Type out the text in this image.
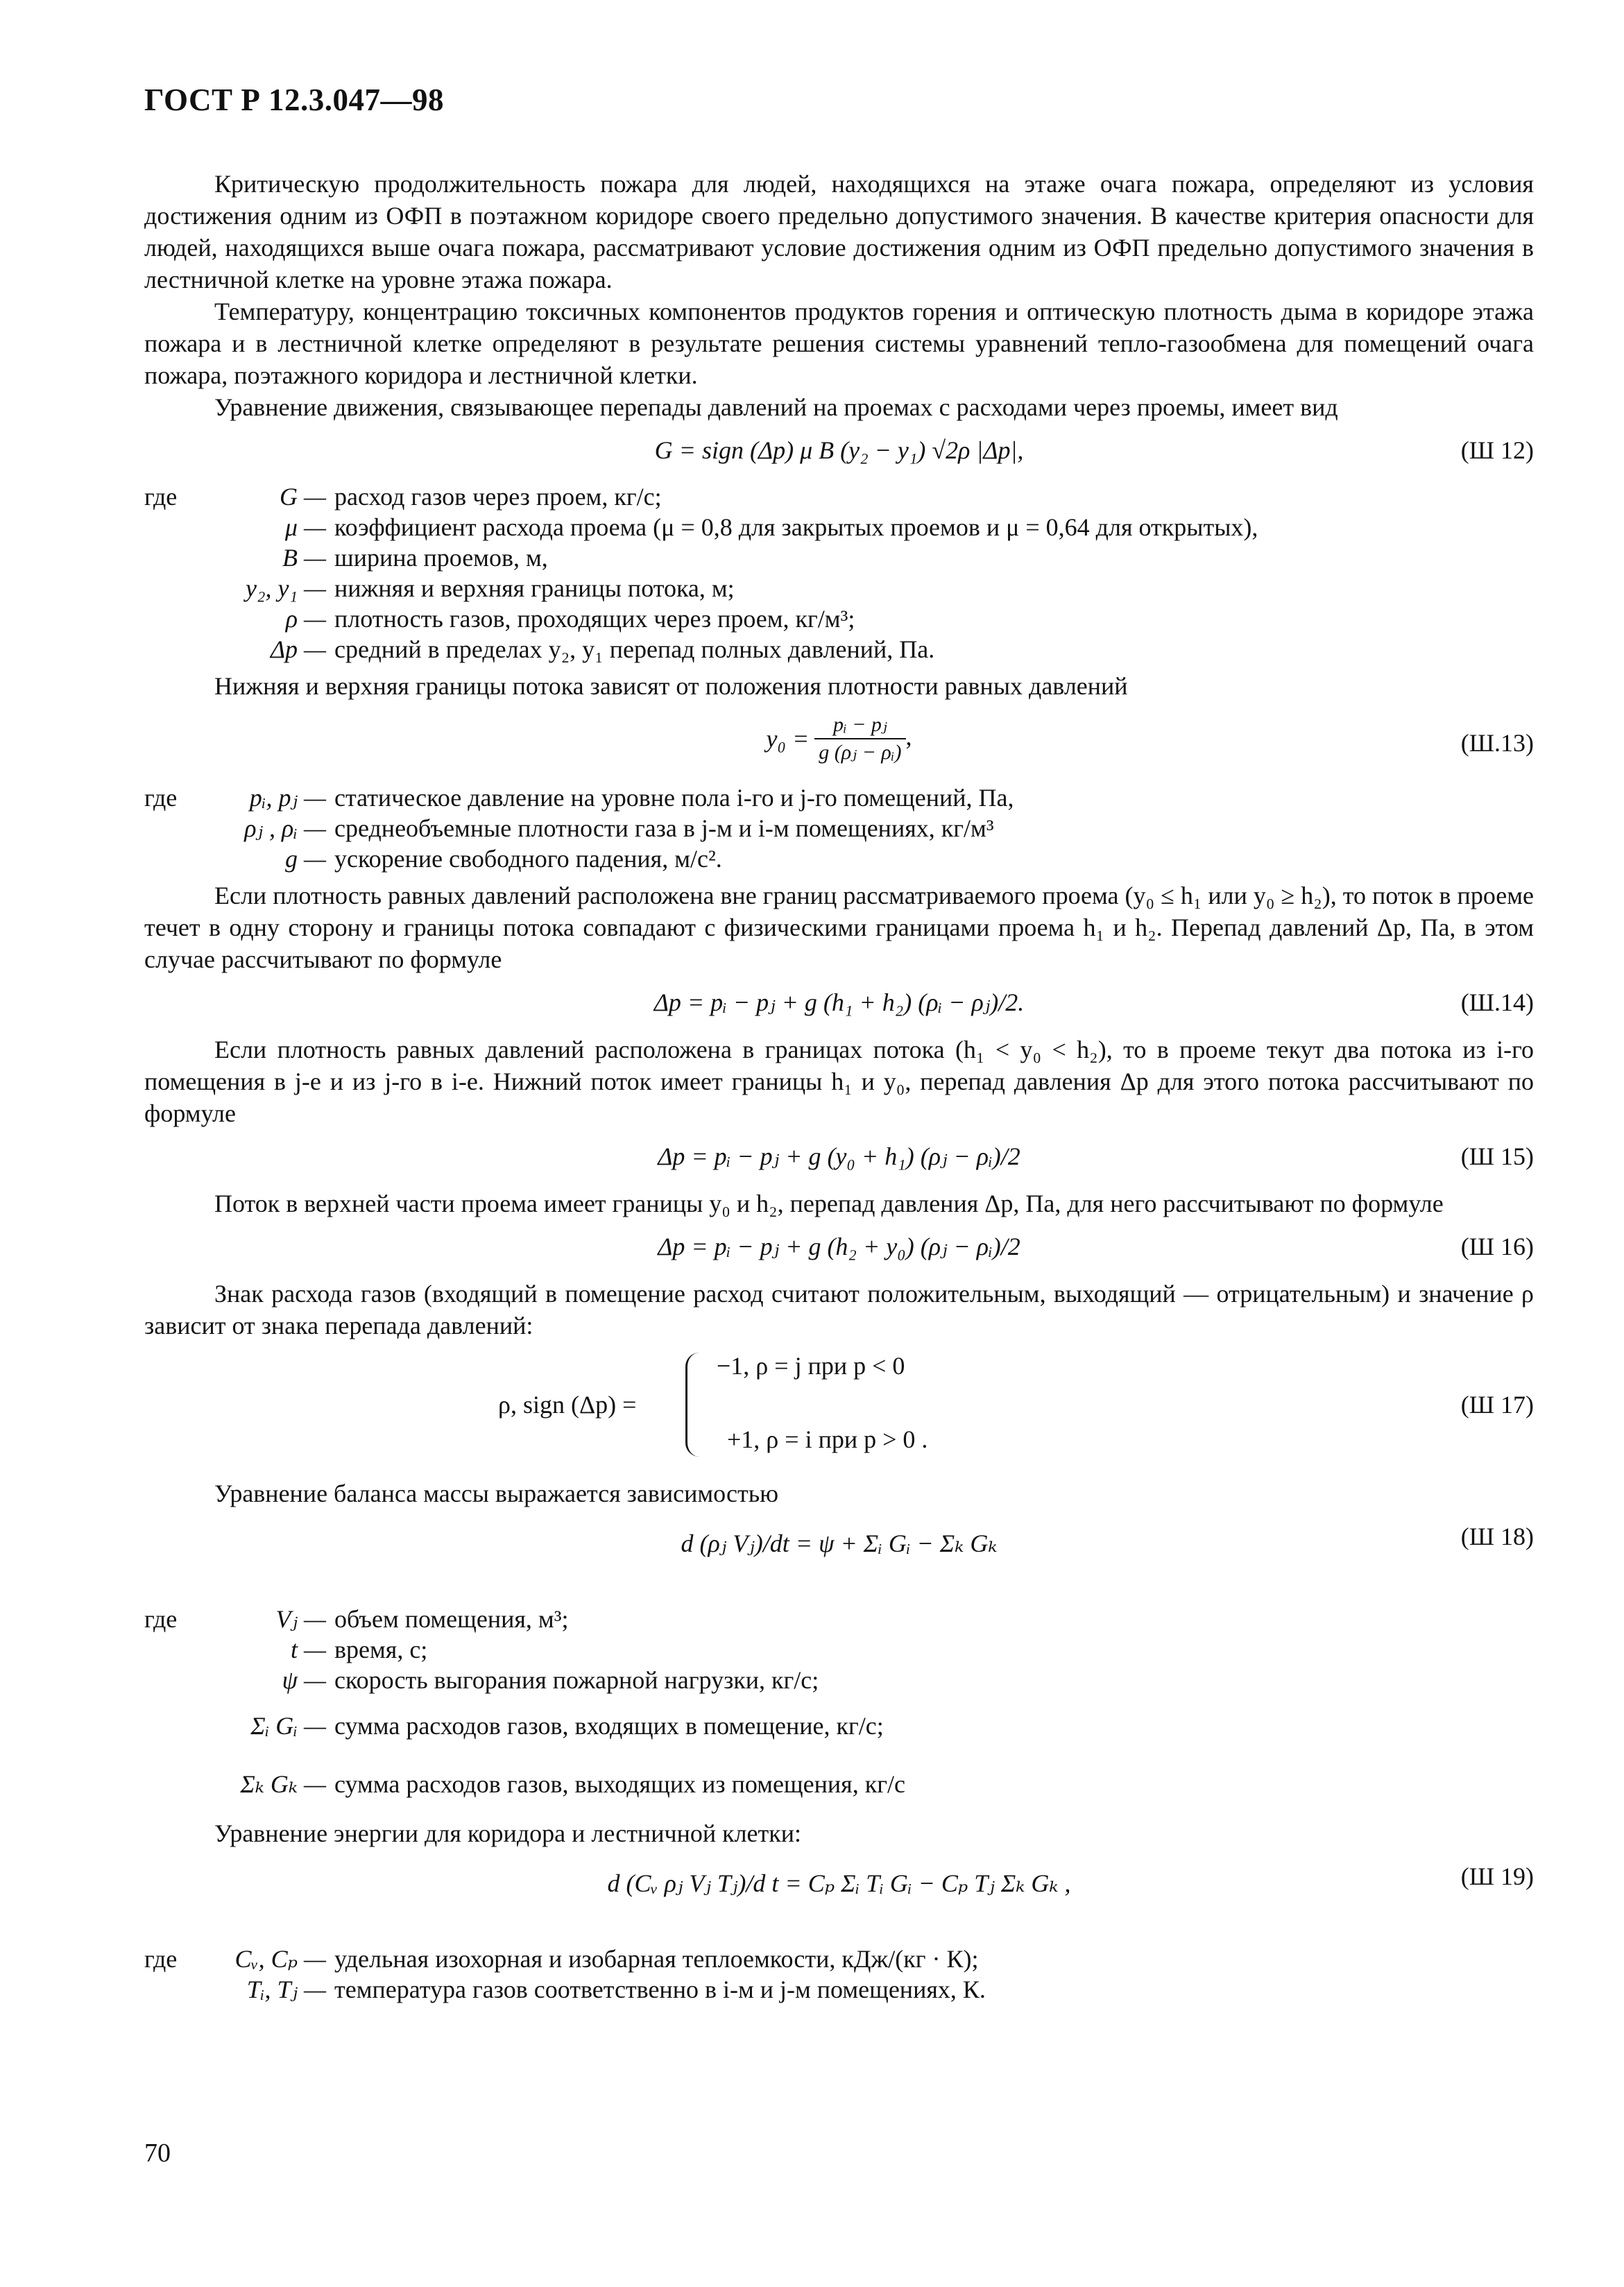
ГОСТ Р 12.3.047—98

Критическую продолжительность пожара для людей, находящихся на этаже очага пожара, определяют из условия достижения одним из ОФП в поэтажном коридоре своего предельно допустимого значения. В качестве критерия опасности для людей, находящихся выше очага пожара, рассматривают условие достижения одним из ОФП предельно допустимого значения в лестничной клетке на уровне этажа пожара.

Температуру, концентрацию токсичных компонентов продуктов горения и оптическую плотность дыма в коридоре этажа пожара и в лестничной клетке определяют в результате решения системы уравнений тепло-газообмена для помещений очага пожара, поэтажного коридора и лестничной клетки.

Уравнение движения, связывающее перепады давлений на проемах с расходами через проемы, имеет вид

G = sign (Δp) μ B (y₂ − y₁) √2ρ |Δp|,	(Ш 12)
где	G — расход газов через проем, кг/с;
μ — коэффициент расхода проема (μ = 0,8 для закрытых проемов и μ = 0,64 для открытых),
B — ширина проемов, м,
y₂, y₁ — нижняя и верхняя границы потока, м;
ρ — плотность газов, проходящих через проем, кг/м³;
Δp — средний в пределах y₂, y₁ перепад полных давлений, Па.

Нижняя и верхняя границы потока зависят от положения плотности равных давлений

$y_0 = \frac{\text{pᵢ − pⱼ}}{\text{g (ρⱼ − ρᵢ)}}$ ,	(Ш.13)
где	pᵢ, pⱼ — статическое давление на уровне пола i-го и j-го помещений, Па,
ρⱼ , ρᵢ — среднеобъемные плотности газа в j-м и i-м помещениях, кг/м³
g — ускорение свободного падения, м/с².

Если плотность равных давлений расположена вне границ рассматриваемого проема (y₀ ≤ h₁ или y₀ ≥ h₂), то поток в проеме течет в одну сторону и границы потока совпадают с физическими границами проема h₁ и h₂. Перепад давлений Δp, Па, в этом случае рассчитывают по формуле

Δp = pᵢ − pⱼ + g (h₁ + h₂) (ρᵢ − ρⱼ)/2.	(Ш.14)

Если плотность равных давлений расположена в границах потока (h₁ < y₀ < h₂), то в проеме текут два потока из i-го помещения в j-е и из j-го в i-е. Нижний поток имеет границы h₁ и y₀, перепад давления Δp для этого потока рассчитывают по формуле

Δp = pᵢ − pⱼ + g (y₀ + h₁) (ρⱼ − ρᵢ)/2	(Ш 15)

Поток в верхней части проема имеет границы y₀ и h₂, перепад давления Δp, Па, для него рассчитывают по формуле

Δp = pᵢ − pⱼ + g (h₂ + y₀) (ρⱼ − ρᵢ)/2	(Ш 16)

Знак расхода газов (входящий в помещение расход считают положительным, выходящий — отрицательным) и значение ρ зависит от знака перепада давлений:

ρ, sign (Δp) =
−1, ρ = j при p < 0
+1, ρ = i при p > 0 .
(Ш 17)

Уравнение баланса массы выражается зависимостью

d (ρⱼ Vⱼ)/dt = ψ + Σᵢ Gᵢ − Σₖ Gₖ	(Ш 18)
где	Vⱼ — объем помещения, м³;
t — время, с;
ψ — скорость выгорания пожарной нагрузки, кг/с;
Σᵢ Gᵢ — сумма расходов газов, входящих в помещение, кг/с;
Σₖ Gₖ — сумма расходов газов, выходящих из помещения, кг/с

Уравнение энергии для коридора и лестничной клетки:

d (Cᵥ ρⱼ Vⱼ Tⱼ)/d t = Cₚ Σᵢ Tᵢ Gᵢ − Cₚ Tⱼ Σₖ Gₖ ,	(Ш 19)
где Cᵥ, Cₚ — удельная изохорная и изобарная теплоемкости, кДж/(кг · К);
Tᵢ, Tⱼ — температура газов соответственно в i-м и j-м помещениях, К.
70
